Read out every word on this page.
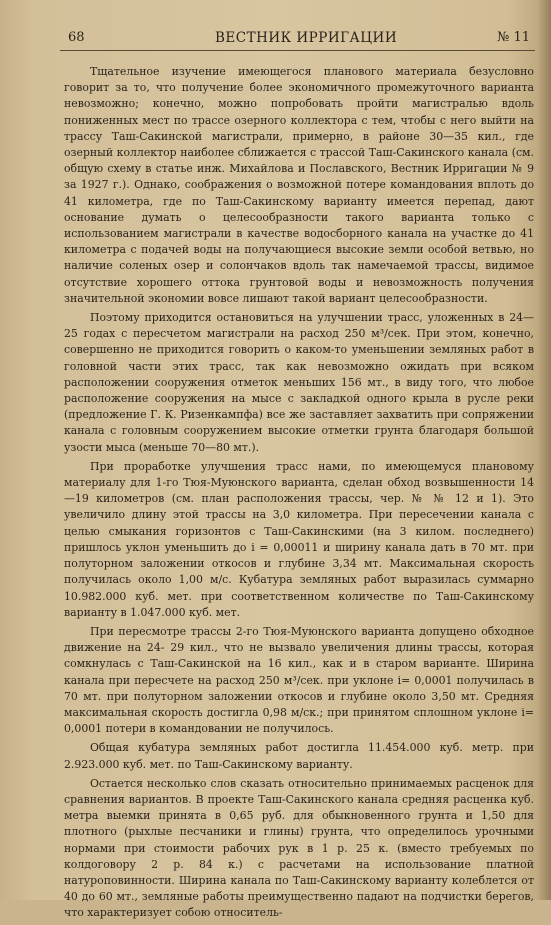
68	ВЕСТНИК ИРРИГАЦИИ	№ 11

Тщательное изучение имеющегося планового материала безусловно говорит за то, что получение более экономичного промежуточного варианта невозможно; конечно, можно попробовать пройти магистралью вдоль пониженных мест по трассе озерного коллектора с тем, чтобы с него выйти на трассу Таш-Сакинской магистрали, примерно, в районе 30—35 кил., где озерный коллектор наиболее сближается с трассой Таш-Сакинского канала (см. общую схему в статье инж. Михайлова и Пославского, Вестник Ирригации № 9 за 1927 г.). Однако, соображения о возможной потере командования вплоть до 41 километра, где по Таш-Сакинскому варианту имеется перепад, дают основание думать о целесообразности такого варианта только с использованием магистрали в качестве водосборного канала на участке до 41 километра с подачей воды на получающиеся высокие земли особой ветвью, но наличие соленых озер и солончаков вдоль так намечаемой трассы, видимое отсутствие хорошего оттока грунтовой воды и невозможность получения значительной экономии вовсе лишают такой вариант целесообразности.

Поэтому приходится остановиться на улучшении трасс, уложенных в 24—25 годах с пересчетом магистрали на расход 250 м³/сек. При этом, конечно, совершенно не приходится говорить о каком-то уменьшении земляных работ в головной части этих трасс, так как невозможно ожидать при всяком расположении сооружения отметок меньших 156 мт., в виду того, что любое расположение сооружения на мысе с закладкой одного крыла в русле реки (предложение Г. К. Ризенкампфа) все же заставляет захватить при сопряжении канала с головным сооружением высокие отметки грунта благодаря большой узости мыса (меньше 70—80 мт.).

При проработке улучшения трасс нами, по имеющемуся плановому материалу для 1-го Тюя-Муюнского варианта, сделан обход возвышенности 14—19 километров (см. план расположения трассы, чер. № № 12 и 1). Это увеличило длину этой трассы на 3,0 километра. При пересечении канала с целью смыкания горизонтов с Таш-Сакинскими (на 3 килом. последнего) пришлось уклон уменьшить до i = 0,00011 и ширину канала дать в 70 мт. при полуторном заложении откосов и глубине 3,34 мт. Максимальная скорость получилась около 1,00 м/с. Кубатура земляных работ выразилась суммарно 10.982.000 куб. мет. при соответственном количестве по Таш-Сакинскому варианту в 1.047.000 куб. мет.

При пересмотре трассы 2-го Тюя-Муюнского варианта допущено обходное движение на 24- 29 кил., что не вызвало увеличения длины трассы, которая сомкнулась с Таш-Сакинской на 16 кил., как и в старом варианте. Ширина канала при пересчете на расход 250 м³/сек. при уклоне i= 0,0001 получилась в 70 мт. при полуторном заложении откосов и глубине около 3,50 мт. Средняя максимальная скорость достигла 0,98 м/ск.; при принятом сплошном уклоне i= 0,0001 потери в командовании не получилось.

Общая кубатура земляных работ достигла 11.454.000 куб. метр. при 2.923.000 куб. мет. по Таш-Сакинскому варианту.

Остается несколько слов сказать относительно принимаемых расценок для сравнения вариантов. В проекте Таш-Сакинского канала средняя расценка куб. метра выемки принята в 0,65 руб. для обыкновенного грунта и 1,50 для плотного (рыхлые песчаники и глины) грунта, что определилось урочными нормами при стоимости рабочих рук в 1 р. 25 к. (вместо требуемых по колдоговору 2 р. 84 к.) с расчетами на использование платной натуроповинности. Ширина канала по Таш-Сакинскому варианту колеблется от 40 до 60 мт., земляные работы преимущественно падают на подчистки берегов, что характеризует собою относитель-
